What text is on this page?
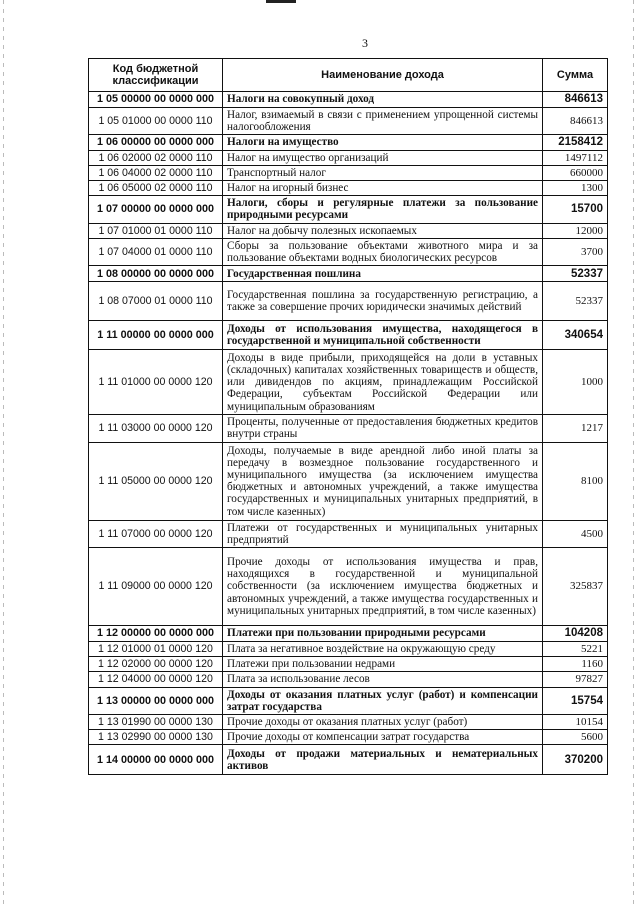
3
Код бюджетной классификации	Наименование дохода	Сумма
1 05 00000 00 0000 000	Налоги на совокупный доход	846613
1 05 01000 00 0000 110	Налог, взимаемый в связи с применением упрощенной системы налогообложения	846613
1 06 00000 00 0000 000	Налоги на имущество	2158412
1 06 02000 02 0000 110	Налог на имущество организаций	1497112
1 06 04000 02 0000 110	Транспортный налог	660000
1 06 05000 02 0000 110	Налог на игорный бизнес	1300
1 07 00000 00 0000 000	Налоги, сборы и регулярные платежи за пользование природными ресурсами	15700
1 07 01000 01 0000 110	Налог на добычу полезных ископаемых	12000
1 07 04000 01 0000 110	Сборы за пользование объектами животного мира и за пользование объектами водных биологических ресурсов	3700
1 08 00000 00 0000 000	Государственная пошлина	52337
1 08 07000 01 0000 110	Государственная пошлина за государственную регистрацию, а также за совершение прочих юридически значимых действий	52337
1 11 00000 00 0000 000	Доходы от использования имущества, находящегося в государственной и муниципальной собственности	340654
1 11 01000 00 0000 120	Доходы в виде прибыли, приходящейся на доли в уставных (складочных) капиталах хозяйственных товариществ и обществ, или дивидендов по акциям, принадлежащим Российской Федерации, субъектам Российской Федерации или муниципальным образованиям	1000
1 11 03000 00 0000 120	Проценты, полученные от предоставления бюджетных кредитов внутри страны	1217
1 11 05000 00 0000 120	Доходы, получаемые в виде арендной либо иной платы за передачу в возмездное пользование государственного и муниципального имущества (за исключением имущества бюджетных и автономных учреждений, а также имущества государственных и муниципальных унитарных предприятий, в том числе казенных)	8100
1 11 07000 00 0000 120	Платежи от государственных и муниципальных унитарных предприятий	4500
1 11 09000 00 0000 120	Прочие доходы от использования имущества и прав, находящихся в государственной и муниципальной собственности (за исключением имущества бюджетных и автономных учреждений, а также имущества государственных и муниципальных унитарных предприятий, в том числе казенных)	325837
1 12 00000 00 0000 000	Платежи при пользовании природными ресурсами	104208
1 12 01000 01 0000 120	Плата за негативное воздействие на окружающую среду	5221
1 12 02000 00 0000 120	Платежи при пользовании недрами	1160
1 12 04000 00 0000 120	Плата за использование лесов	97827
1 13 00000 00 0000 000	Доходы от оказания платных услуг (работ) и компенсации затрат государства	15754
1 13 01990 00 0000 130	Прочие доходы от оказания платных услуг (работ)	10154
1 13 02990 00 0000 130	Прочие доходы от компенсации затрат государства	5600
1 14 00000 00 0000 000	Доходы от продажи материальных и нематериальных активов	370200
